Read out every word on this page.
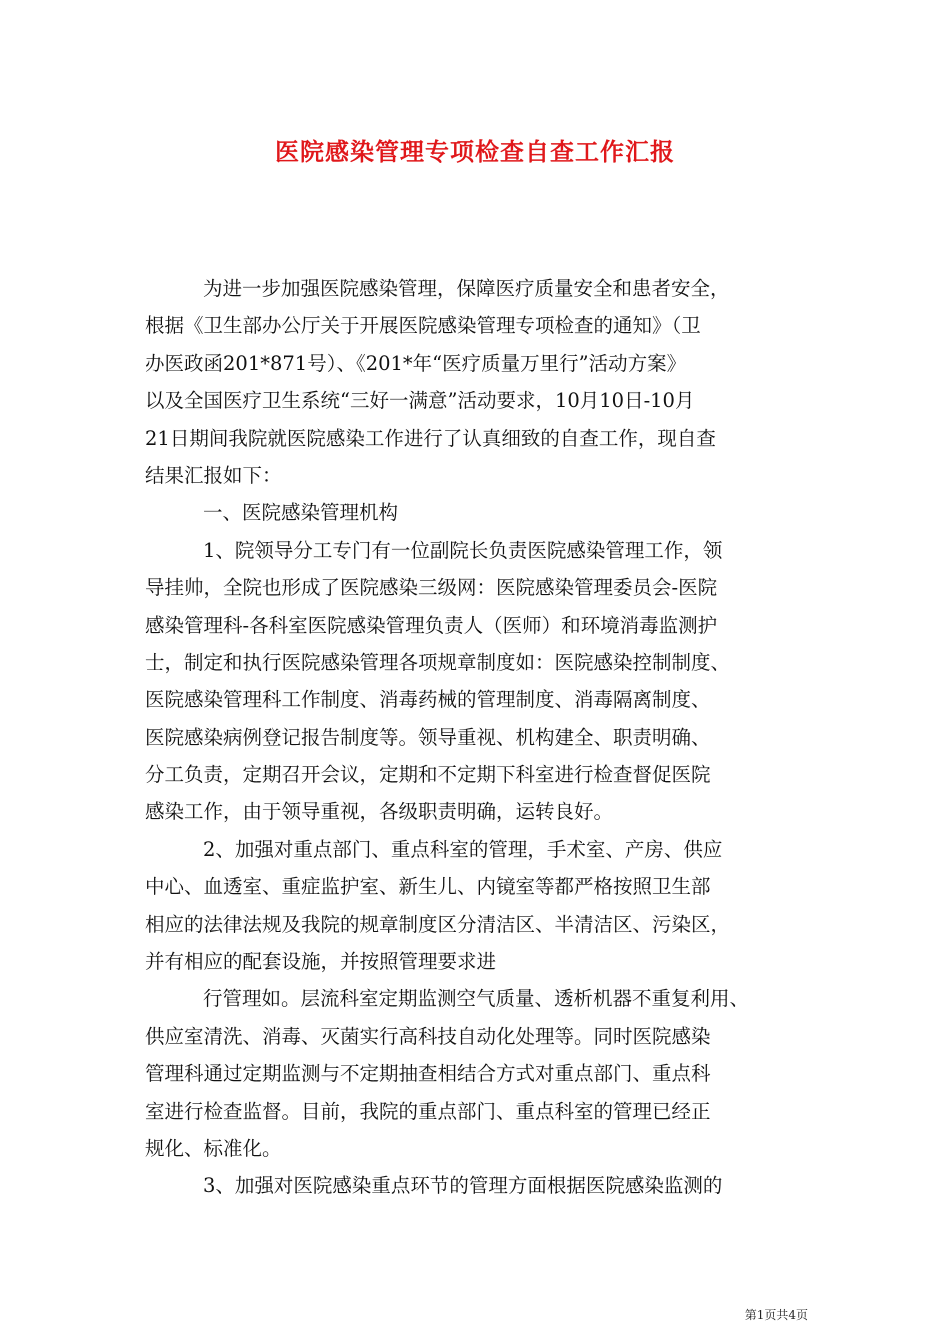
医院感染管理专项检查自查工作汇报
为进一步加强医院感染管理，保障医疗质量安全和患者安全，
根据《卫生部办公厅关于开展医院感染管理专项检查的通知》（卫
办医政函201*871号）、《201*年“医疗质量万里行”活动方案》
以及全国医疗卫生系统“三好一满意”活动要求，10月10日-10月
21日期间我院就医院感染工作进行了认真细致的自查工作，现自查
结果汇报如下：
一、医院感染管理机构
1、院领导分工专门有一位副院长负责医院感染管理工作，领
导挂帅，全院也形成了医院感染三级网：医院感染管理委员会-医院
感染管理科-各科室医院感染管理负责人（医师）和环境消毒监测护
士，制定和执行医院感染管理各项规章制度如：医院感染控制制度、
医院感染管理科工作制度、消毒药械的管理制度、消毒隔离制度、
医院感染病例登记报告制度等。领导重视、机构建全、职责明确、
分工负责，定期召开会议，定期和不定期下科室进行检查督促医院
感染工作，由于领导重视，各级职责明确，运转良好。
2、加强对重点部门、重点科室的管理，手术室、产房、供应
中心、血透室、重症监护室、新生儿、内镜室等都严格按照卫生部
相应的法律法规及我院的规章制度区分清洁区、半清洁区、污染区，
并有相应的配套设施，并按照管理要求进
行管理如。层流科室定期监测空气质量、透析机器不重复利用、
供应室清洗、消毒、灭菌实行高科技自动化处理等。同时医院感染
管理科通过定期监测与不定期抽查相结合方式对重点部门、重点科
室进行检查监督。目前，我院的重点部门、重点科室的管理已经正
规化、标准化。
3、加强对医院感染重点环节的管理方面根据医院感染监测的
第1页共4页
